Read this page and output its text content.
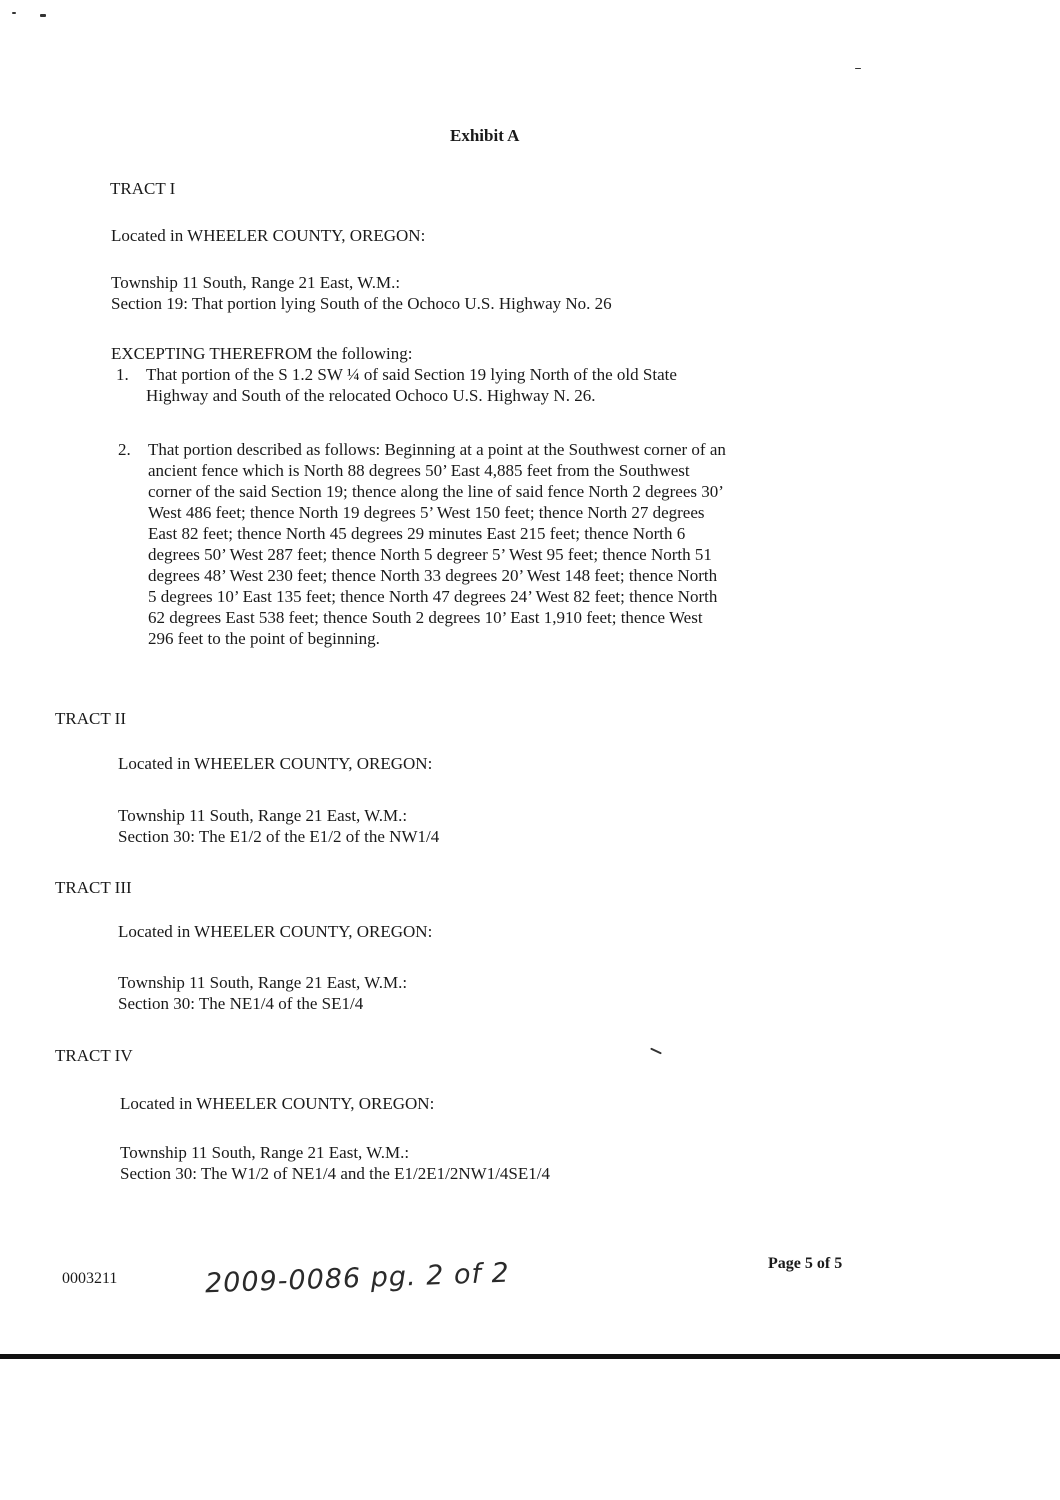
Exhibit A
TRACT I
Located in WHEELER COUNTY, OREGON:
Township 11 South, Range 21 East, W.M.:
Section 19: That portion lying South of the Ochoco U.S. Highway No. 26
EXCEPTING THEREFROM the following:
1. That portion of the S 1.2 SW ¼ of said Section 19 lying North of the old State
Highway and South of the relocated Ochoco U.S. Highway N. 26.
2. That portion described as follows: Beginning at a point at the Southwest corner of an
ancient fence which is North 88 degrees 50’ East 4,885 feet from the Southwest
corner of the said Section 19; thence along the line of said fence North 2 degrees 30’
West 486 feet; thence North 19 degrees 5’ West 150 feet; thence North 27 degrees
East 82 feet; thence North 45 degrees 29 minutes East 215 feet; thence North 6
degrees 50’ West 287 feet; thence North 5 degreer 5’ West 95 feet; thence North 51
degrees 48’ West 230 feet; thence North 33 degrees 20’ West 148 feet; thence North
5 degrees 10’ East 135 feet; thence North 47 degrees 24’ West 82 feet; thence North
62 degrees East 538 feet; thence South 2 degrees 10’ East 1,910 feet; thence West
296 feet to the point of beginning.
TRACT II
Located in WHEELER COUNTY, OREGON:
Township 11 South, Range 21 East, W.M.:
Section 30: The E1/2 of the E1/2 of the NW1/4
TRACT III
Located in WHEELER COUNTY, OREGON:
Township 11 South, Range 21 East, W.M.:
Section 30: The NE1/4 of the SE1/4
TRACT IV
Located in WHEELER COUNTY, OREGON:
Township 11 South, Range 21 East, W.M.:
Section 30: The W1/2 of NE1/4 and the E1/2E1/2NW1/4SE1/4
0003211	2009-0086 pg. 2 of 2	Page 5 of 5
